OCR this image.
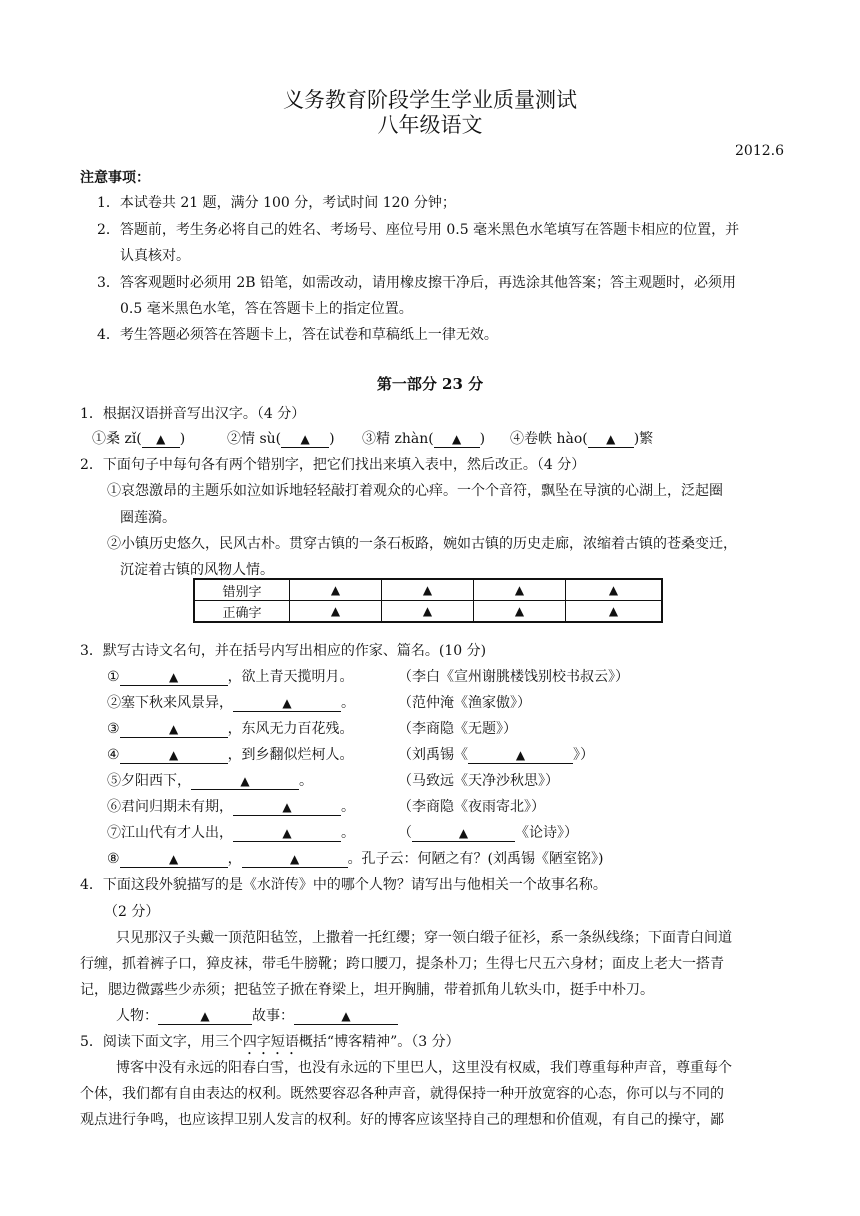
义务教育阶段学生学业质量测试
八年级语文
2012.6
注意事项：
1．本试卷共 21 题，满分 100 分，考试时间 120 分钟；
2．答题前，考生务必将自己的姓名、考场号、座位号用 0.5 毫米黑色水笔填写在答题卡相应的位置，并
认真核对。
3．答客观题时必须用 2B 铅笔，如需改动，请用橡皮擦干净后，再选涂其他答案；答主观题时，必须用
0.5 毫米黑色水笔，答在答题卡上的指定位置。
4．考生答题必须答在答题卡上，答在试卷和草稿纸上一律无效。
第一部分 23 分
1．根据汉语拼音写出汉字。（4 分）
①桑 zǐ( ▲ )	②情 sù( ▲ ) ③精 zhàn( ▲ ) ④卷帙 hào( ▲ )繁
2．下面句子中每句各有两个错别字，把它们找出来填入表中，然后改正。（4 分）
①哀怨激昂的主题乐如泣如诉地轻轻敲打着观众的心痒。一个个音符，飘坠在导演的心湖上，泛起圈
圈莲漪。
②小镇历史悠久，民风古朴。贯穿古镇的一条石板路，婉如古镇的历史走廊，浓缩着古镇的苍桑变迁，
沉淀着古镇的风物人情。
错别字	▲	▲	▲	▲
正确字	▲	▲	▲	▲
3．默写古诗文名句，并在括号内写出相应的作家、篇名。(10 分)
①	▲	，欲上青天揽明月。	（李白《宣州谢朓楼饯别校书叔云》）
②塞下秋来风景异，	▲	。	（范仲淹《渔家傲》）
③	▲	，东风无力百花残。	（李商隐《无题》）
④	▲	，到乡翻似烂柯人。	（刘禹锡《	▲	》）
⑤夕阳西下，	▲	。	（马致远《天净沙秋思》）
⑥君问归期未有期，	▲	。	（李商隐《夜雨寄北》）
⑦江山代有才人出，	▲	。	（	▲	《论诗》）
⑧	▲	，	▲	。孔子云：何陋之有？(刘禹锡《陋室铭》)
4．下面这段外貌描写的是《水浒传》中的哪个人物？请写出与他相关一个故事名称。
（2 分）
只见那汉子头戴一顶范阳毡笠，上撒着一托红缨；穿一领白缎子征衫，系一条纵线绦；下面青白间道
行缠，抓着裤子口，獐皮袜，带毛牛膀靴；跨口腰刀，提条朴刀；生得七尺五六身材；面皮上老大一搭青
记，腮边微露些少赤须；把毡笠子掀在脊梁上，坦开胸脯，带着抓角儿软头巾，挺手中朴刀。
人物：	▲	故事：	▲
5．阅读下面文字，用三个四字短语概括“博客精神”。（3 分）
博客中没有永远的阳春白雪，也没有永远的下里巴人，这里没有权威，我们尊重每种声音，尊重每个
个体，我们都有自由表达的权利。既然要容忍各种声音，就得保持一种开放宽容的心态，你可以与不同的
观点进行争鸣，也应该捍卫别人发言的权利。好的博客应该坚持自己的理想和价值观，有自己的操守，鄙
